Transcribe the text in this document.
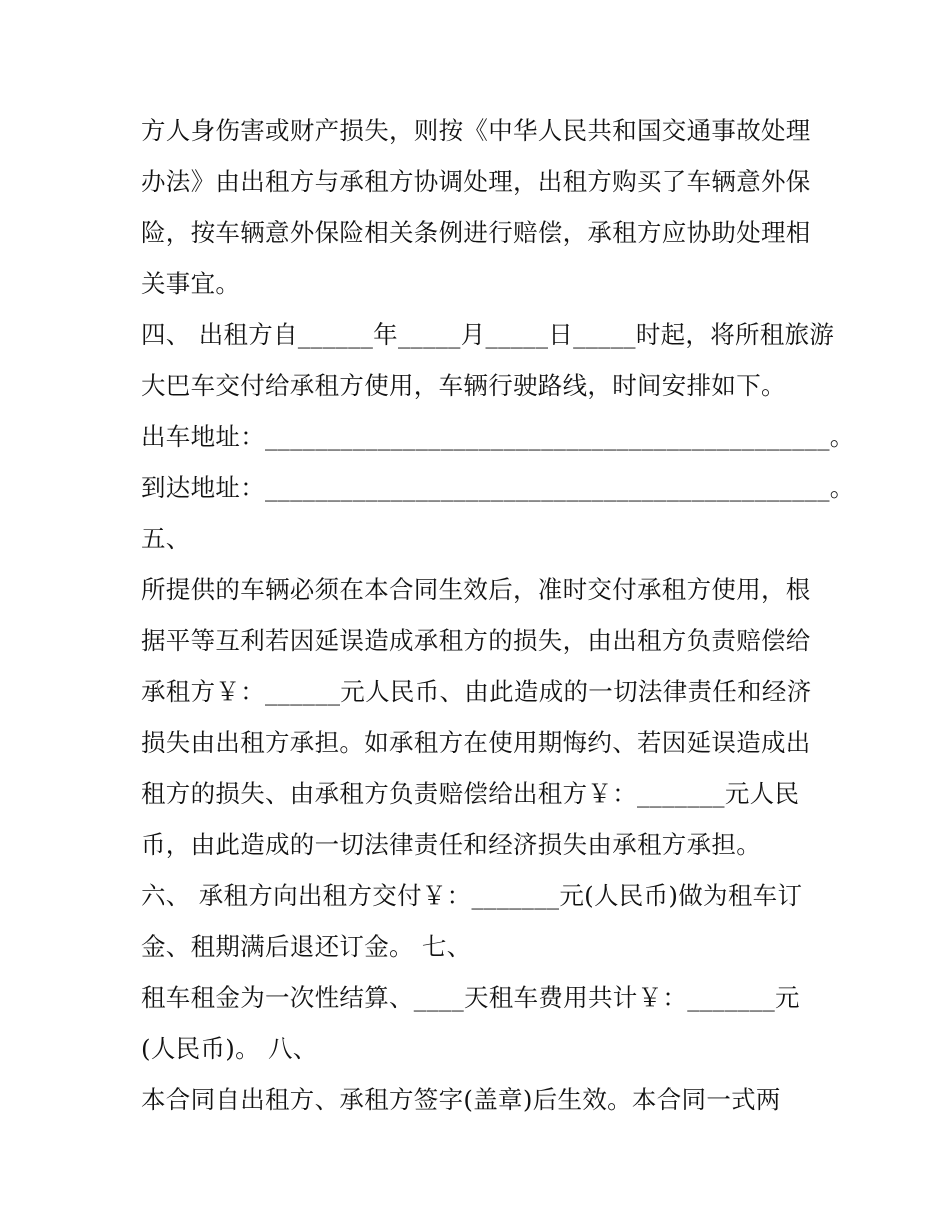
方人身伤害或财产损失，则按《中华人民共和国交通事故处理
办法》由出租方与承租方协调处理，出租方购买了车辆意外保
险，按车辆意外保险相关条例进行赔偿，承租方应协助处理相
关事宜。
四、 出租方自______年_____月_____日_____时起，将所租旅游
大巴车交付给承租方使用，车辆行驶路线，时间安排如下。
出车地址：_____________________________________________。
到达地址：_____________________________________________。
五、
所提供的车辆必须在本合同生效后，准时交付承租方使用，根
据平等互利若因延误造成承租方的损失，由出租方负责赔偿给
承租方￥：______元人民币、由此造成的一切法律责任和经济
损失由出租方承担。如承租方在使用期悔约、若因延误造成出
租方的损失、由承租方负责赔偿给出租方￥：_______元人民
币，由此造成的一切法律责任和经济损失由承租方承担。
六、 承租方向出租方交付￥：_______元(人民币)做为租车订
金、租期满后退还订金。 七、
租车租金为一次性结算、____天租车费用共计￥：_______元
(人民币)。 八、
本合同自出租方、承租方签字(盖章)后生效。本合同一式两
